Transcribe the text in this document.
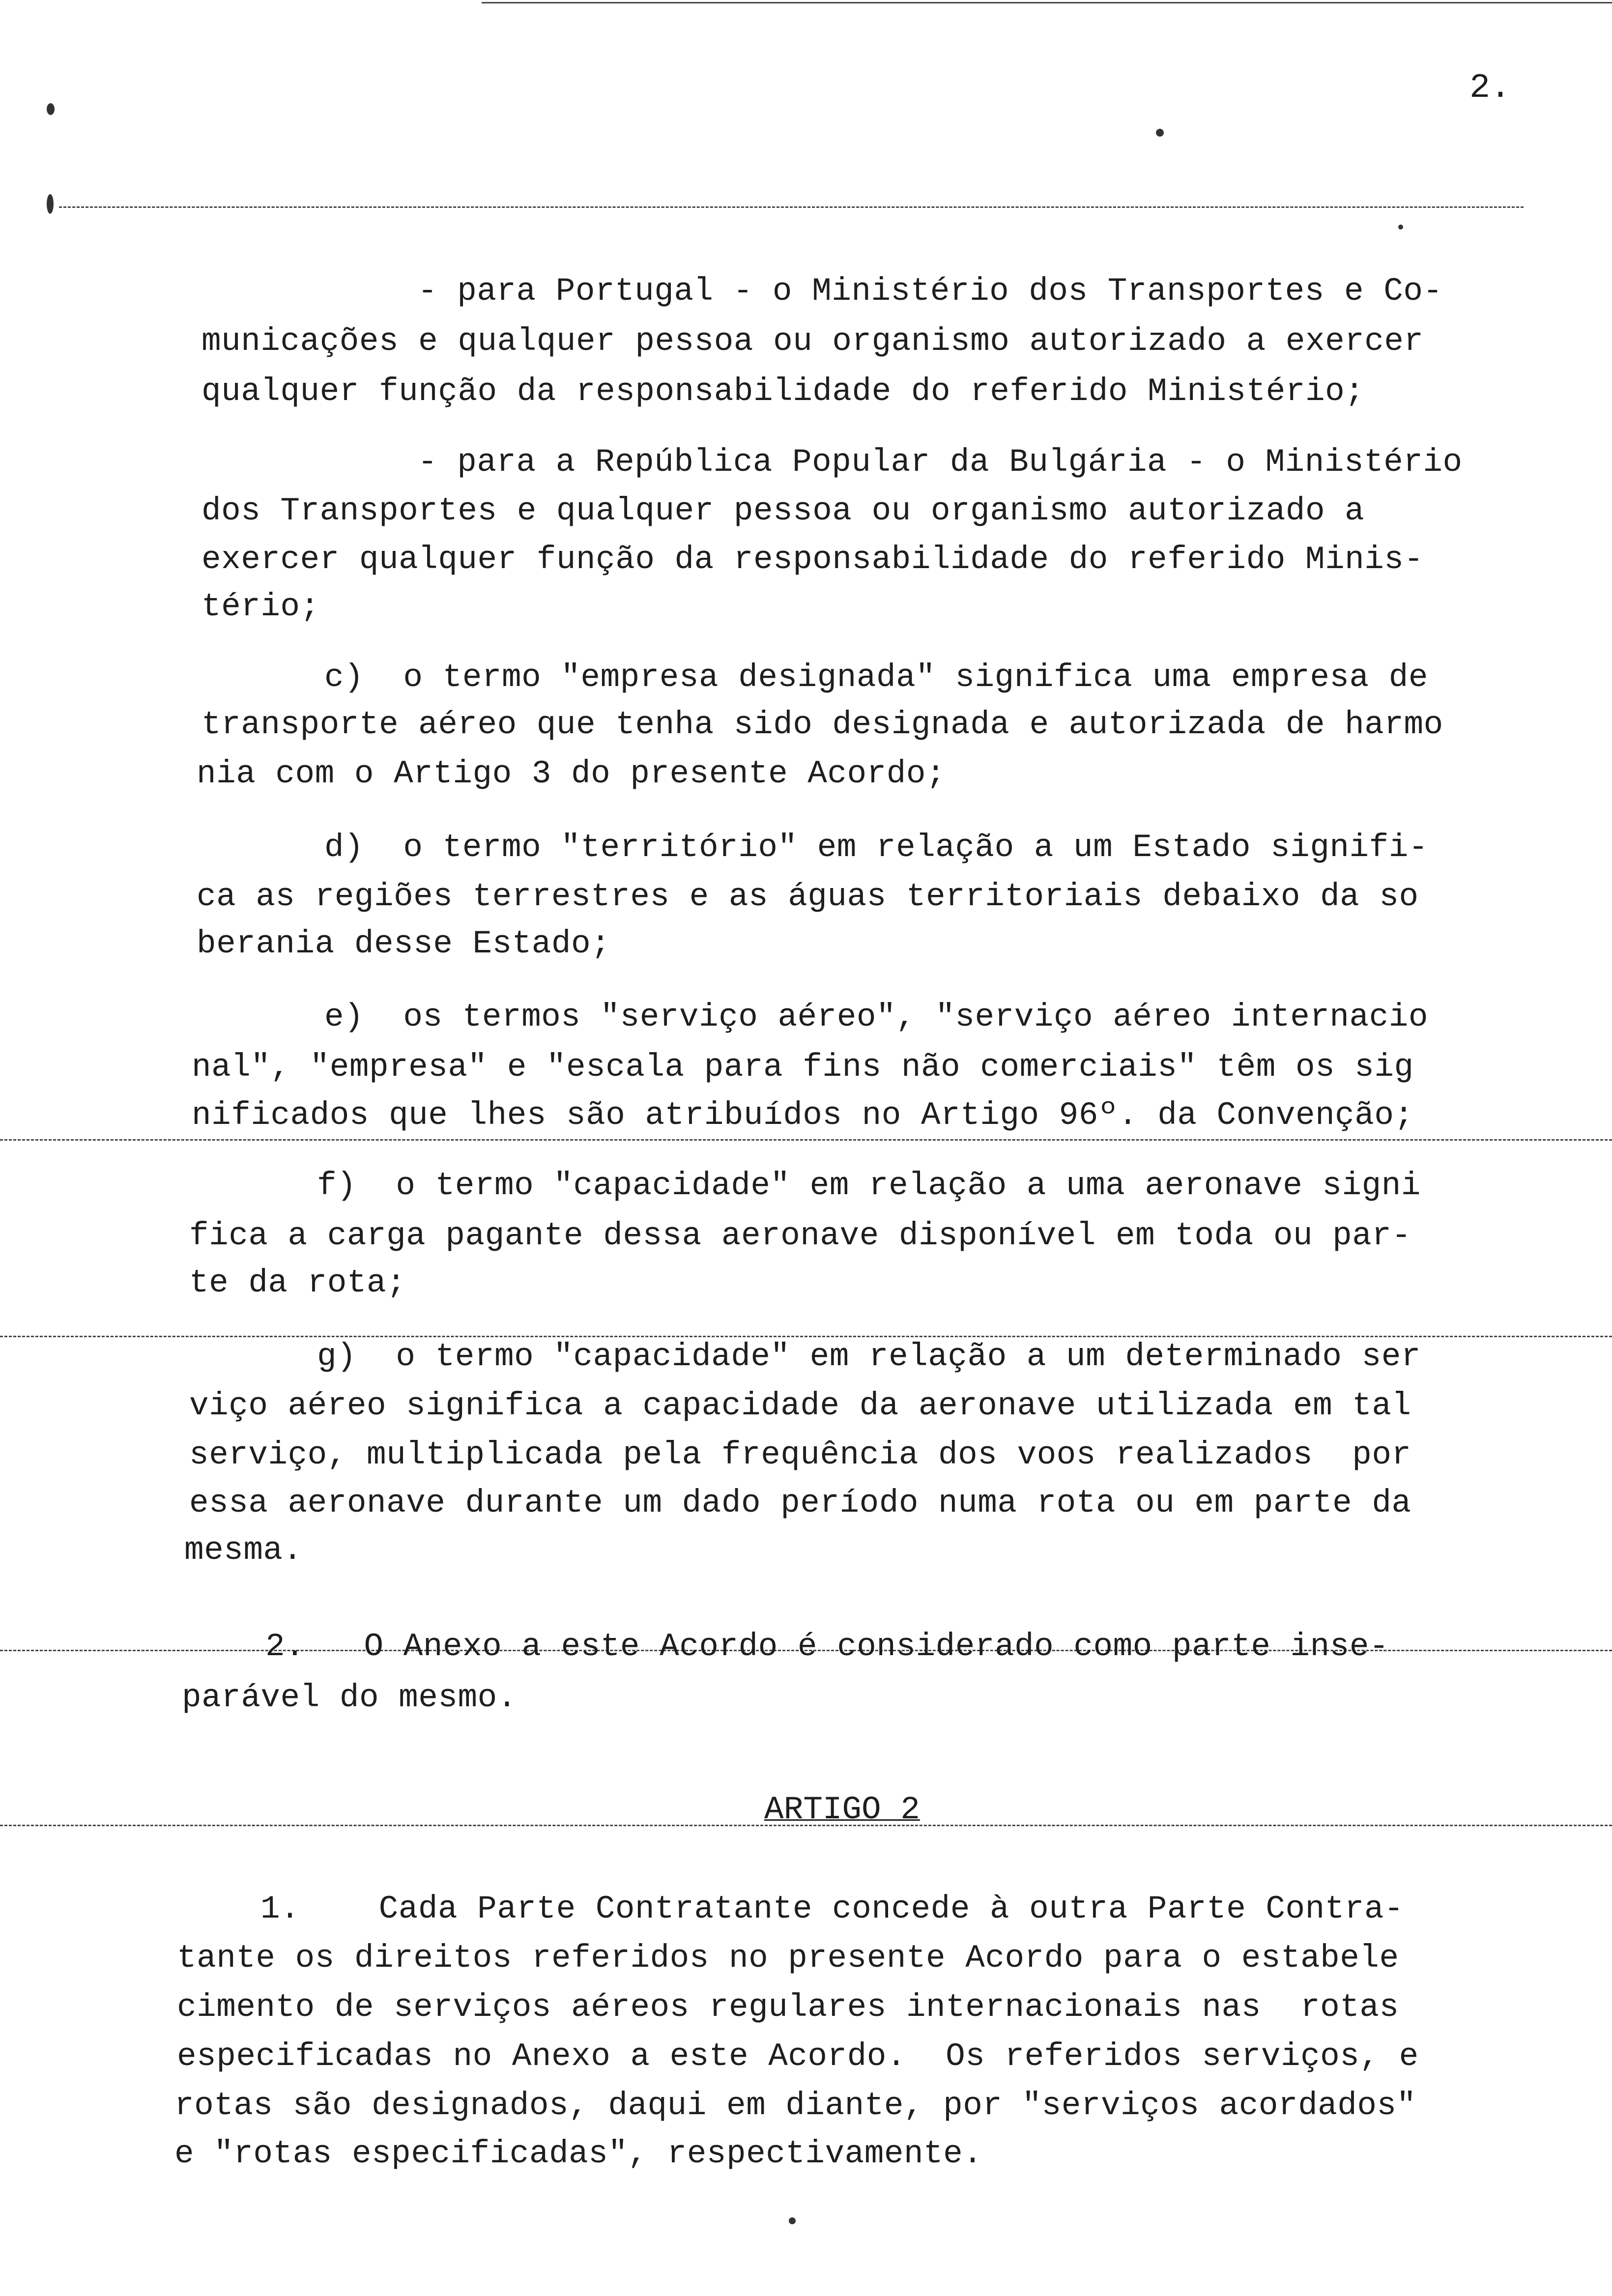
2.
- para Portugal - o Ministério dos Transportes e Co-
municações e qualquer pessoa ou organismo autorizado a exercer
qualquer função da responsabilidade do referido Ministério;
- para a República Popular da Bulgária - o Ministério
dos Transportes e qualquer pessoa ou organismo autorizado a
exercer qualquer função da responsabilidade do referido Minis-
tério;
c)  o termo "empresa designada" significa uma empresa de
transporte aéreo que tenha sido designada e autorizada de harmo
nia com o Artigo 3 do presente Acordo;
d)  o termo "território" em relação a um Estado signifi-
ca as regiões terrestres e as águas territoriais debaixo da so
berania desse Estado;
e)  os termos "serviço aéreo", "serviço aéreo internacio
nal", "empresa" e "escala para fins não comerciais" têm os sig
nificados que lhes são atribuídos no Artigo 96º. da Convenção;
f)  o termo "capacidade" em relação a uma aeronave signi
fica a carga pagante dessa aeronave disponível em toda ou par-
te da rota;
g)  o termo "capacidade" em relação a um determinado ser
viço aéreo significa a capacidade da aeronave utilizada em tal
serviço, multiplicada pela frequência dos voos realizados  por
essa aeronave durante um dado período numa rota ou em parte da
mesma.
2.   O Anexo a este Acordo é considerado como parte inse-
parável do mesmo.
ARTIGO 2
1.    Cada Parte Contratante concede à outra Parte Contra-
tante os direitos referidos no presente Acordo para o estabele
cimento de serviços aéreos regulares internacionais nas  rotas
especificadas no Anexo a este Acordo.  Os referidos serviços, e
rotas são designados, daqui em diante, por "serviços acordados"
e "rotas especificadas", respectivamente.
